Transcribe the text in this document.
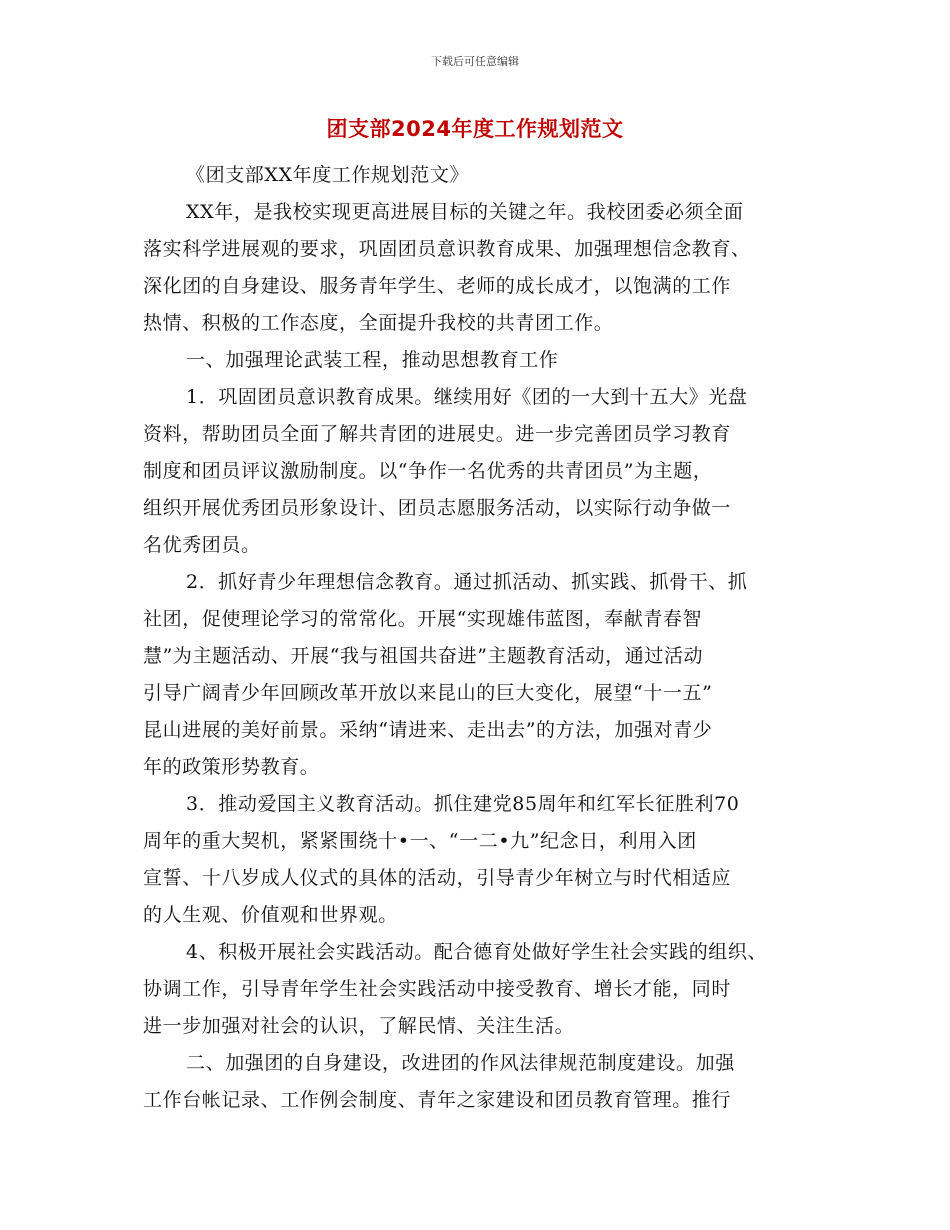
下载后可任意编辑
团支部2024年度工作规划范文
《团支部XX年度工作规划范文》
XX年，是我校实现更高进展目标的关键之年。我校团委必须全面
落实科学进展观的要求，巩固团员意识教育成果、加强理想信念教育、
深化团的自身建设、服务青年学生、老师的成长成才，以饱满的工作
热情、积极的工作态度，全面提升我校的共青团工作。
一、加强理论武装工程，推动思想教育工作
1．巩固团员意识教育成果。继续用好《团的一大到十五大》光盘
资料，帮助团员全面了解共青团的进展史。进一步完善团员学习教育
制度和团员评议激励制度。以“争作一名优秀的共青团员”为主题，
组织开展优秀团员形象设计、团员志愿服务活动，以实际行动争做一
名优秀团员。
2．抓好青少年理想信念教育。通过抓活动、抓实践、抓骨干、抓
社团，促使理论学习的常常化。开展“实现雄伟蓝图，奉献青春智
慧”为主题活动、开展“我与祖国共奋进”主题教育活动，通过活动
引导广阔青少年回顾改革开放以来昆山的巨大变化，展望“十一五”
昆山进展的美好前景。采纳“请进来、走出去”的方法，加强对青少
年的政策形势教育。
3．推动爱国主义教育活动。抓住建党85周年和红军长征胜利70
周年的重大契机，紧紧围绕十•一、“一二•九”纪念日，利用入团
宣誓、十八岁成人仪式的具体的活动，引导青少年树立与时代相适应
的人生观、价值观和世界观。
4、积极开展社会实践活动。配合德育处做好学生社会实践的组织、
协调工作，引导青年学生社会实践活动中接受教育、增长才能，同时
进一步加强对社会的认识，了解民情、关注生活。
二、加强团的自身建设，改进团的作风法律规范制度建设。加强
工作台帐记录、工作例会制度、青年之家建设和团员教育管理。推行
